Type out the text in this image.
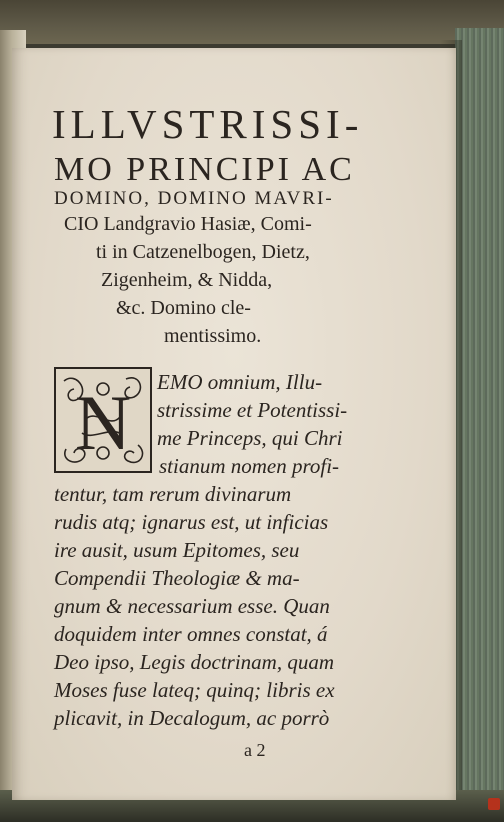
ILLVSTRISSI-
MO PRINCIPI AC
DOMINO, DOMINO MAVRI-
CIO Landgravio Hasiæ, Comi-
ti in Catzenelbogen, Dietz,
Zigenheim, & Nidda,
&c. Domino cle-
mentissimo.
N EMO omnium, Illu-
strissime et Potentissi-
me Princeps, qui Chri
stianum nomen profi-
tentur, tam rerum divinarum
rudis atq; ignarus est, ut inficias
ire ausit, usum Epitomes, seu
Compendii Theologiæ & ma-
gnum & necessarium esse. Quan
doquidem inter omnes constat, á
Deo ipso, Legis doctrinam, quam
Moses fuse lateq; quinq; libris ex
plicavit, in Decalogum, ac porrò
a 2
